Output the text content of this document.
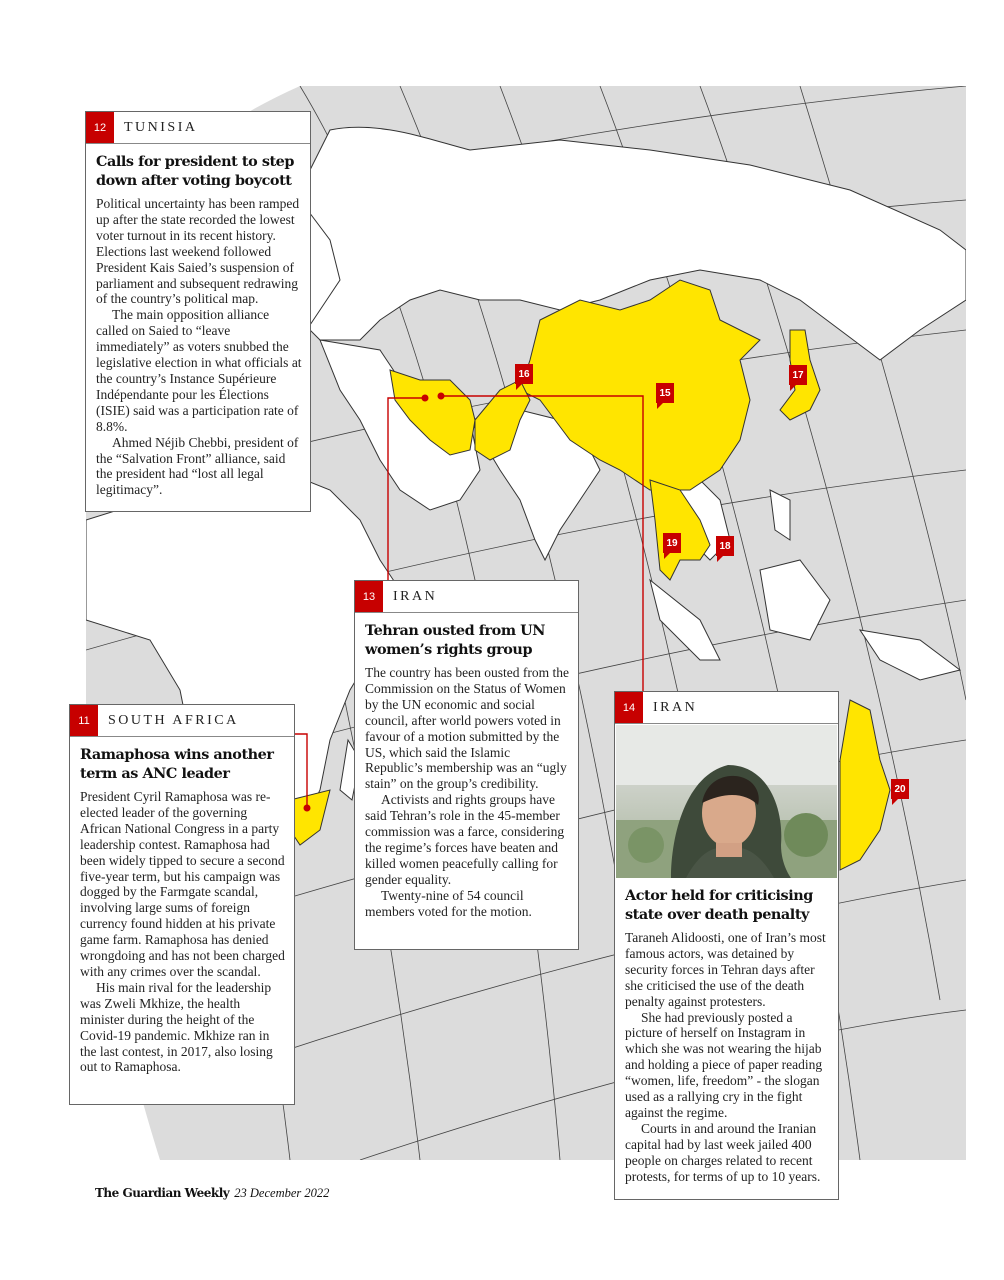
15
16	17
18
19
20
12	TUNISIA
Calls for president to step down after voting boycott

Political uncertainty has been ramped up after the state recorded the lowest voter turnout in its recent history. Elections last weekend followed President Kais Saied’s suspension of parliament and subsequent redrawing of the country’s political map.

The main opposition alliance called on Saied to “leave immediately” as voters snubbed the legislative election in what officials at the country’s Instance Supérieure Indépendante pour les Élections (ISIE) said was a participation rate of 8.8%.

Ahmed Néjib Chebbi, president of the “Salvation Front” alliance, said the president had “lost all legal legitimacy”.

13	IRAN
Tehran ousted from UN women’s rights group

The country has been ousted from the Commission on the Status of Women by the UN economic and social council, after world powers voted in favour of a motion submitted by the US, which said the Islamic Republic’s membership was an “ugly stain” on the group’s credibility.

Activists and rights groups have said Tehran’s role in the 45-member commission was a farce, considering the regime’s forces have beaten and killed women peacefully calling for gender equality.

Twenty-nine of 54 council members voted for the motion.

11	SOUTH AFRICA
Ramaphosa wins another term as ANC leader

President Cyril Ramaphosa was re-elected leader of the governing African National Congress in a party leadership contest. Ramaphosa had been widely tipped to secure a second five-year term, but his campaign was dogged by the Farmgate scandal, involving large sums of foreign currency found hidden at his private game farm. Ramaphosa has denied wrongdoing and has not been charged with any crimes over the scandal.

His main rival for the leadership was Zweli Mkhize, the health minister during the height of the Covid-19 pandemic. Mkhize ran in the last contest, in 2017, also losing out to Ramaphosa.

14	IRAN
Actor held for criticising state over death penalty

Taraneh Alidoosti, one of Iran’s most famous actors, was detained by security forces in Tehran days after she criticised the use of the death penalty against protesters.

She had previously posted a picture of herself on Instagram in which she was not wearing the hijab and holding a piece of paper reading “women, life, freedom” - the slogan used as a rallying cry in the fight against the regime.

Courts in and around the Iranian capital had by last week jailed 400 people on charges related to recent protests, for terms of up to 10 years.

The Guardian Weekly 23 December 2022
